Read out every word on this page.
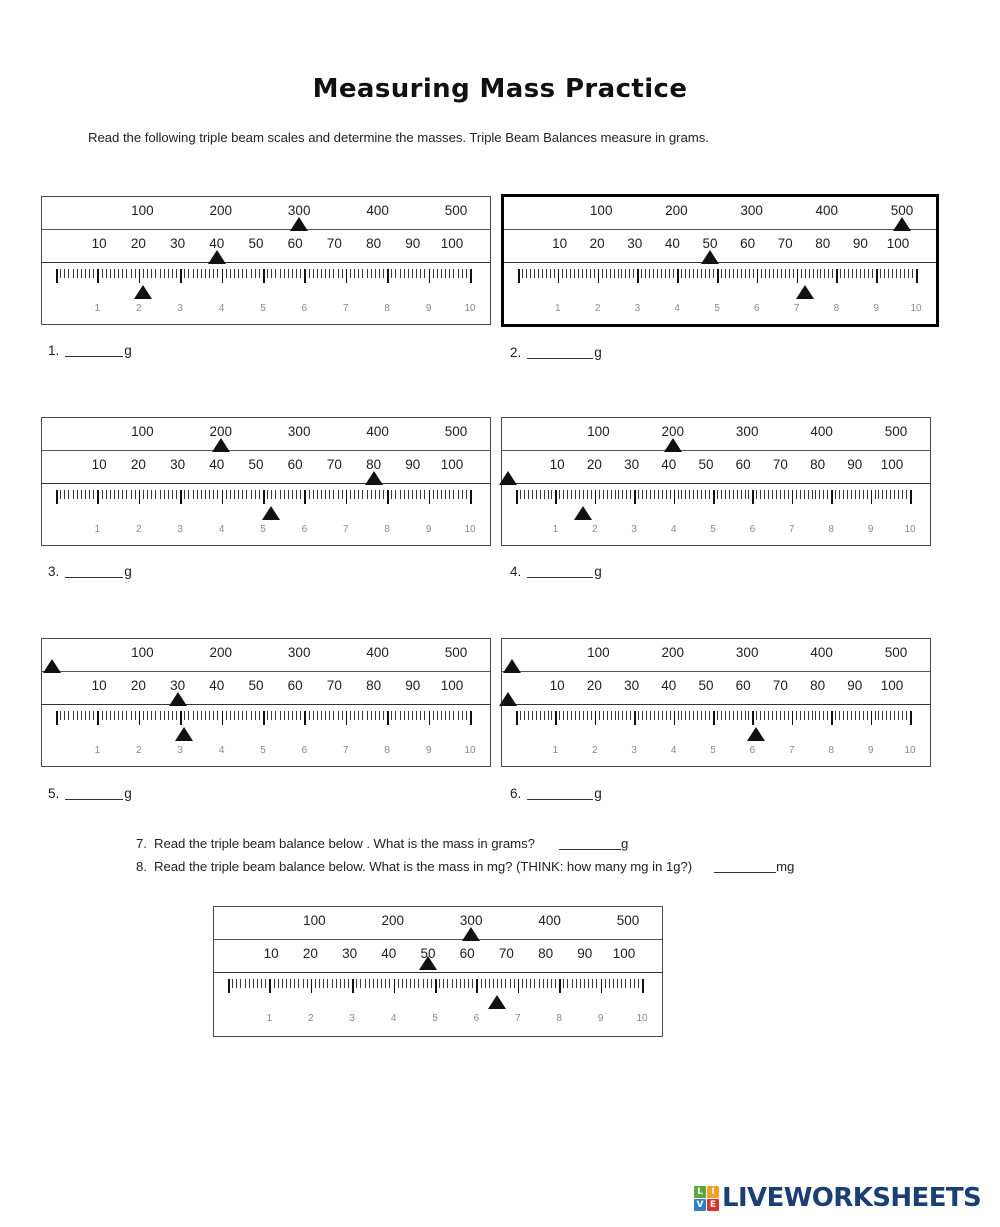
Measuring Mass Practice
Read the following triple beam scales and determine the masses. Triple Beam Balances measure in grams.
100	200	300	400	500
10 20 30 40 50 60 70 80 90 100
1	2	3	4	5	6	7	8	9	10
100	200	300	400	500
10 20 30 40 50 60 70 80 90 100
1	2	3	4	5	6	7	8	9	10
100	200	300	400	500
10 20 30 40 50 60 70 80 90 100
1	2	3	4	5	6	7	8	9	10
100	200	300	400	500
10 20 30 40 50 60 70 80 90 100
1	2	3	4	5	6	7	8	9	10
100	200	300	400	500
10 20 30 40 50 60 70 80 90 100
1	2	3	4	5	6	7	8	9	10
100	200	300	400	500
10 20 30 40 50 60 70 80 90 100
1	2	3	4	5	6	7	8	9	10
100	200	300	400	500
10 20 30 40 50 60 70 80 90 100
1	2	3	4	5	6	7	8	9	10
1.	g	2.	g
3.	g	4.	g
5.	g	6.	g
7. Read the triple beam balance below . What is the mass in grams?	g
8. Read the triple beam balance below. What is the mass in mg? (THINK: how many mg in 1g?)	mg
L I
V E LIVEWORKSHEETS
